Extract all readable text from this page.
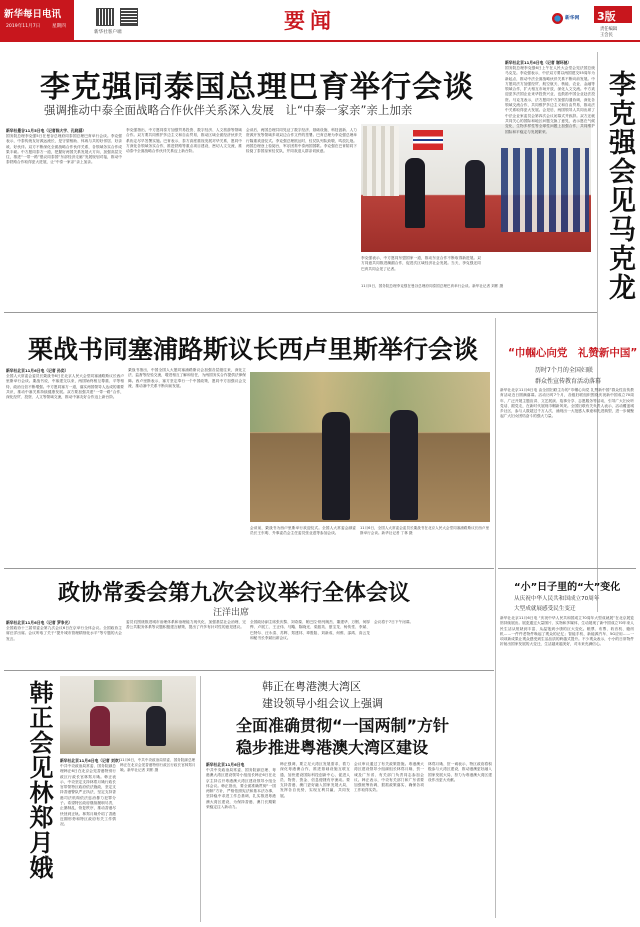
新华每日电讯
2019年11月7日	星期四
新华社客户端	要闻	新华网 3版
责任编辑
王会民
李克强同泰国总理巴育举行会谈
强调推动中泰全面战略合作伙伴关系深入发展　让“中泰一家亲”亲上加亲
新华社曼谷11月5日电（记者陈大宇、孔晓涵）
国务院总理李克强5日在曼谷总理府同泰国总理巴育举行会谈。李克强表示，中泰传统友好源远流长，是守望相助、休戚与共的好邻居、好亲戚、好伙伴。双方不断深化全面战略合作伙伴关系，各领域务实合作成果丰硕。中方愿同泰方一道，把握好两国关系发展大方向，加强高层交往，推进“一带一路”倡议同泰国“东部经济走廊”发展规划对接，推动中泰铁路合作取得更大进展，让“中泰一家亲”亲上加亲。
李克强指出，中方愿同泰方加强贸易投资、数字经济、人文旅游等领域合作。双方要共同维护多边主义和自由贸易，推动区域全面经济伙伴关系协定尽早签署实施。巴育表示，泰方高度重视发展对华关系，愿同中方深化各领域务实合作，推进铁路等重点项目建设，密切人文交流，推动泰中全面战略合作伙伴关系迈上新台阶。
会谈后，两国总理共同见证了数字经济、基础设施、科技创新、人力资源开发等领域多项双边合作文件的签署。巴育总理为李克强总理举行隆重欢迎仪式。李克强总理抵达时，仪仗队列队致敬，鸣放礼炮。两国总理登上检阅台，军乐团奏中泰两国国歌。李克强在巴育陪同下检阅了泰国皇家仪仗队，并同欢迎人群亲切致意。
李克强表示，中方愿同东盟国家一道，推动东亚合作不断取得新进展。双方同意共同推进澜湄合作，促进次区域经济社会发展。当天，李克强还同巴育共同会见了记者。
11月5日，国务院总理李克强在曼谷总理府同泰国总理巴育举行会谈。新华社记者 刘彬 摄	李克强会见马克龙
新华社北京11月6日电（记者 谢环驰）
国务院总理李克强6日上午在人民大会堂会见法国总统马克龙。李克强表示，中法双方要以两国建交55周年为新起点，推动中法全面战略伙伴关系不断向前发展。中方愿同法方加强经贸、航空航天、核能、农业、金融等领域合作，扩大相互市场开放，深化人文交流。中方欢迎更多法国企业来华投资兴业，也鼓励中国企业赴法投资。马克龙表示，法方愿同中方加强沟通协调，深化各领域交流合作，共同维护多边主义和自由贸易，推动法中关系取得更大发展。会见后，两国领导人共同出席了中法企业家委员会第四次会议闭幕式并致辞。双方还就共同关心的国际和地区问题交换了意见，表示愿在气候变化、生物多样性等全球性问题上加强合作，共同维护国际和平稳定与发展繁荣。
栗战书同塞浦路斯议长西卢里斯举行会谈
新华社北京11月6日电（记者 孙奕）
全国人大常委会委员长栗战书6日在北京人民大会堂同塞浦路斯议长西卢里斯举行会谈。栗战书说，中塞建交以来，两国始终相互尊重、平等相待，政治互信不断增强。中方愿同塞方一道，落实两国领导人达成的重要共识，推动中塞关系持续健康发展。双方要加强共建“一带一路”合作，深化经贸、投资、人文等领域交流，推动中塞友好合作迈上新台阶。
栗战书指出，中国全国人大愿同塞浦路斯议会加强各层级往来，深化立法、监督等经验交流，增进相互了解和信任，为两国务实合作提供法律保障。西卢里斯表示，塞方坚定奉行一个中国政策，愿同中方加强议会交流，推动塞中关系不断向前发展。
11月6日，全国人大常委会委员长栗战书在北京人民大会堂同塞浦路斯议长西卢里斯举行会谈。新华社记者 丁林 摄
会谈前，栗战书为西卢里斯举行欢迎仪式。全国人大常委会副委员长王东明、外事委员会主任委员张业遂等参加会谈。
“巾帼心向党　礼赞新中国”
历时7个月的全国妇联
群众性宣传教育活动落幕
新华社北京11月6日电 由全国妇联主办的“巾帼心向党 礼赞新中国”群众性宣传教育活动近日圆满落幕。活动历时7个月，各级妇联组织围绕庆祝新中国成立70周年，广泛开展主题宣讲、文艺展演、故事分享、志愿服务等活动，引导广大妇女听党话、跟党走，在新时代展现巾帼新风采。全国妇联有关负责人表示，活动覆盖城乡社区，参与人数超过千万人次，涌现出一大批感人事迹和先进典型，进一步凝聚起广大妇女团结奋斗的强大力量。
“小”日子里的“大”变化
从庆祝中华人民共和国成立70周年
大型成就展感受民生变迁
新华社北京11月6日电 “庆祝中华人民共和国成立70周年大型成就展”在北京展览馆持续展出。展览通过大量图片、实物和多媒体，生动展现了新中国成立70年来人民生活从短缺到丰富、从温饱到小康的巨大变化。粮票、布票、收音机、缝纫机……一件件老物件唤起了观众的记忆；智能手机、新能源汽车、5G应用……一项项新成果让观众感受到生活品质的跨越式提升。不少观众表示，小小的日常物件折射出国家发展的大变迁，生活越来越美好，对未来充满信心。
政协常委会第九次会议举行全体会议
汪洋出席
新华社北京11月6日电（记者 罗争光）
全国政协十三届常委会第九次会议6日在京举行全体会议。全国政协主席汪洋出席。会议听取了关于“提升城市管理精细化水平”等专题的大会发言。
委员们围绕推进城市治理体系和治理能力现代化、加强基层社会治理、完善公共服务体系等议题积极建言献策，提出了许多有针对性的意见建议。
全国政协副主席张庆黎、刘奇葆、帕巴拉·格列朗杰、董建华、万钢、何厚铧、卢展工、王正伟、马飚、陈晓光、梁振英、夏宝龙、杨传堂、李斌、巴特尔、汪永清、苏辉、郑建邦、辜胜阻、刘新成、何维、邵鸿、高云龙和秘书长李斌出席会议。
会议将于7日下午闭幕。
韩正会见林郑月娥	新华社北京11月6日电（记者 刘欢）
中共中央政治局常委、国务院副总理韩正6日在北京会见香港特别行政区行政长官林郑月娥。韩正表示，中央坚定支持林郑月娥行政长官带领特区政府依法施政，坚定支持香港警队严正执法，坚定支持香港司法机构依法惩治暴力犯罪分子。希望特区政府继续履职尽责，止暴制乱，恢复秩序，推动香港尽快回到正轨。林郑月娥介绍了香港近期形势和特区政府有关工作情况。
11月6日，中共中央政治局常委、国务院副总理韩正在北京会见香港特别行政区行政长官林郑月娥。新华社记者 刘彬 摄
韩正在粤港澳大湾区
建设领导小组会议上强调
全面准确贯彻“一国两制”方针
稳步推进粤港澳大湾区建设
新华社北京11月6日电
中共中央政治局常委、国务院副总理、粤港澳大湾区建设领导小组组长韩正6日在北京主持召开粤港澳大湾区建设领导小组全体会议。韩正指出，要全面准确贯彻“一国两制”方针，严格依照宪法和基本法办事，坚持稳中求进工作总基调，扎实推进粤港澳大湾区建设，为保持香港、澳门长期繁荣稳定注入新动力。
韩正强调，要立足大湾区发展需求，着力深化粤港澳合作，推进基础设施互联互通，加快建设国际科技创新中心，促进人员、物资、资金、信息便捷有序流动。要支持香港、澳门更好融入国家发展大局，发挥各自优势，实现互利共赢、共同发展。
会议审议通过了有关政策措施。粤港澳大湾区建设领导小组副组长林郑月娥、贺一诚及广东省、有关部门负责同志参加会议。韩正表示，中央有关部门和广东省要加强统筹协调，狠抓政策落实，确保各项工作取得实效。
林郑月娥、贺一诚表示，特区政府将积极参与大湾区建设，推动港澳更好融入国家发展大局，努力为粤港澳大湾区建设作出更大贡献。
